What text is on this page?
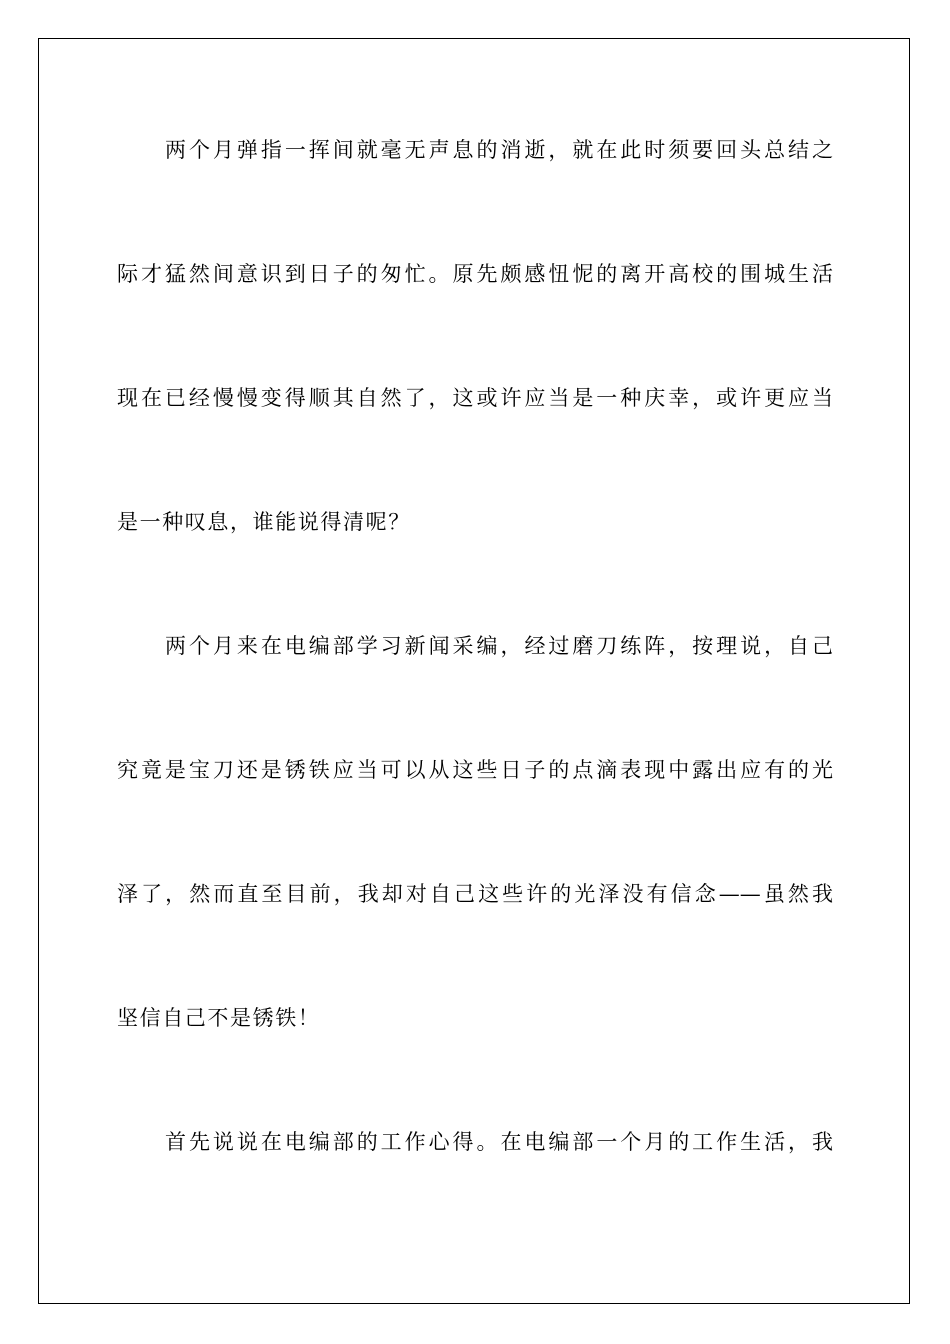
两个月弹指一挥间就毫无声息的消逝，就在此时须要回头总结之
际才猛然间意识到日子的匆忙。原先颇感忸怩的离开高校的围城生活
现在已经慢慢变得顺其自然了，这或许应当是一种庆幸，或许更应当
是一种叹息，谁能说得清呢？
两个月来在电编部学习新闻采编，经过磨刀练阵，按理说，自己
究竟是宝刀还是锈铁应当可以从这些日子的点滴表现中露出应有的光
泽了，然而直至目前，我却对自己这些许的光泽没有信念——虽然我
坚信自己不是锈铁！
首先说说在电编部的工作心得。在电编部一个月的工作生活，我
